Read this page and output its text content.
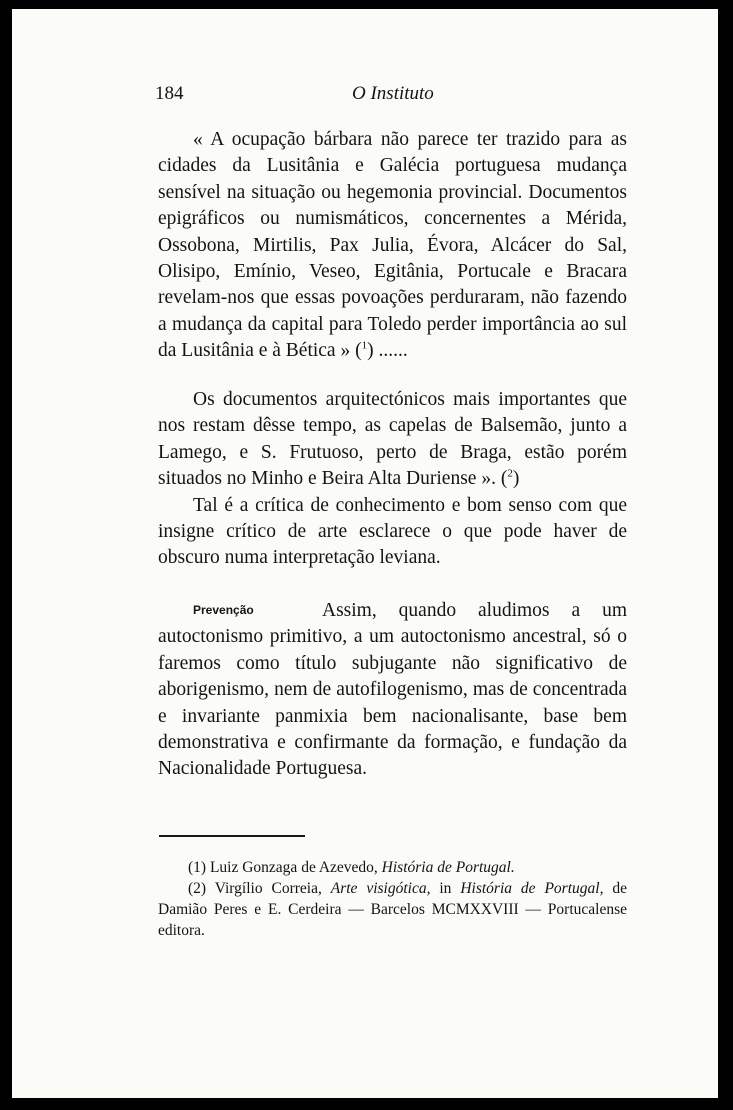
184	O Instituto

« A ocupação bárbara não parece ter trazido para as cidades da Lusitânia e Galécia portuguesa mudança sensível na situação ou hegemonia provincial. Documentos epigráficos ou numismáticos, concernentes a Mérida, Ossobona, Mirtilis, Pax Julia, Évora, Alcácer do Sal, Olisipo, Emínio, Veseo, Egitânia, Portucale e Bracara revelam-nos que essas povoações perduraram, não fazendo a mudança da capital para Toledo perder importância ao sul da Lusitânia e à Bética » ($^1$) ......

Os documentos arquitectónicos mais importantes que nos restam dêsse tempo, as capelas de Balsemão, junto a Lamego, e S. Frutuoso, perto de Braga, estão porém situados no Minho e Beira Alta Duriense ». ($^2$)

Tal é a crítica de conhecimento e bom senso com que insigne crítico de arte esclarece o que pode haver de obscuro numa interpretação leviana.

Prevenção	Assim, quando aludimos a um autoctonismo primitivo, a um autoctonismo ancestral, só o faremos como título subjugante não significativo de aborigenismo, nem de autofilogenismo, mas de concentrada e invariante panmixia bem nacionalisante, base bem demonstrativa e confirmante da formação, e fundação da Nacionalidade Portuguesa.

(1) Luiz Gonzaga de Azevedo, História de Portugal.

(2) Virgílio Correia, Arte visigótica, in História de Portugal, de Damião Peres e E. Cerdeira — Barcelos MCMXXVIII — Portucalense editora.
